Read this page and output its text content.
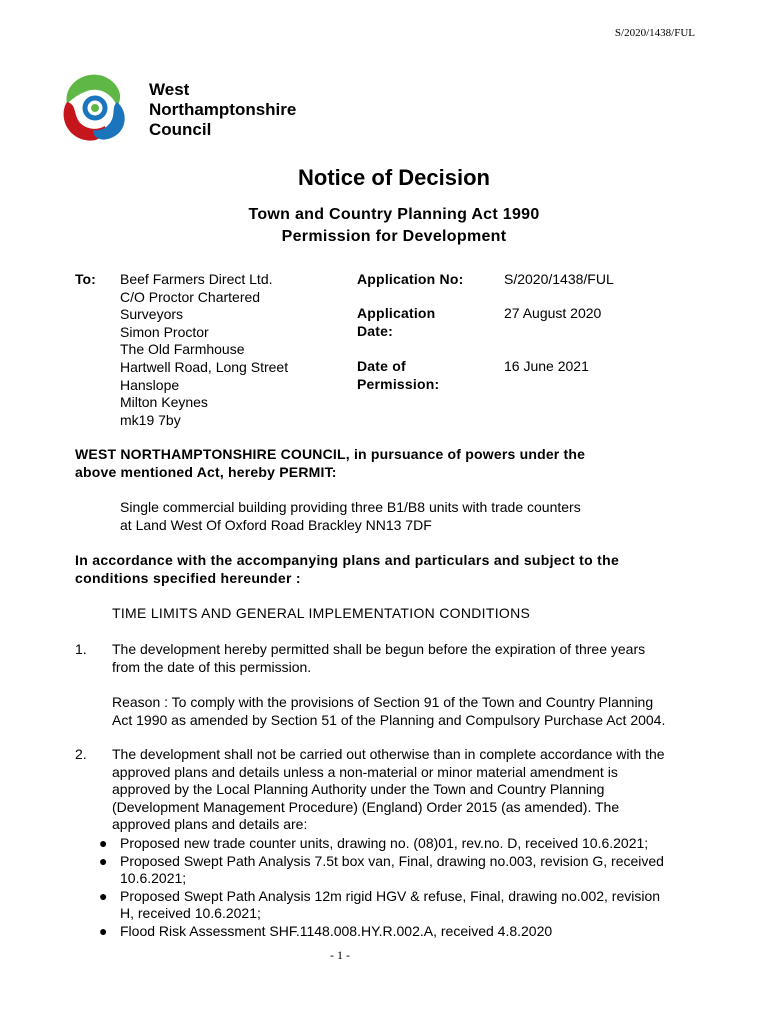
S/2020/1438/FUL
West
Northamptonshire
Council
Notice of Decision
Town and Country Planning Act 1990
Permission for Development
To: Beef Farmers Direct Ltd.
C/O Proctor Chartered
Surveyors
Simon Proctor
The Old Farmhouse
Hartwell Road, Long Street
Hanslope
Milton Keynes
mk19 7by
Application No:	S/2020/1438/FUL
Application
Date:
27 August 2020
Date of
Permission:
16 June 2021
WEST NORTHAMPTONSHIRE COUNCIL, in pursuance of powers under the
above mentioned Act, hereby PERMIT:
Single commercial building providing three B1/B8 units with trade counters
at Land West Of Oxford Road Brackley NN13 7DF
In accordance with the accompanying plans and particulars and subject to the
conditions specified hereunder :
TIME LIMITS AND GENERAL IMPLEMENTATION CONDITIONS
1. The development hereby permitted shall be begun before the expiration of three years
from the date of this permission.
Reason : To comply with the provisions of Section 91 of the Town and Country Planning
Act 1990 as amended by Section 51 of the Planning and Compulsory Purchase Act 2004.
2. The development shall not be carried out otherwise than in complete accordance with the
approved plans and details unless a non-material or minor material amendment is
approved by the Local Planning Authority under the Town and Country Planning
(Development Management Procedure) (England) Order 2015 (as amended). The
approved plans and details are:
● Proposed new trade counter units, drawing no. (08)01, rev.no. D, received 10.6.2021;
● Proposed Swept Path Analysis 7.5t box van, Final, drawing no.003, revision G, received
10.6.2021;
● Proposed Swept Path Analysis 12m rigid HGV & refuse, Final, drawing no.002, revision
H, received 10.6.2021;
● Flood Risk Assessment SHF.1148.008.HY.R.002.A, received 4.8.2020
- 1 -
